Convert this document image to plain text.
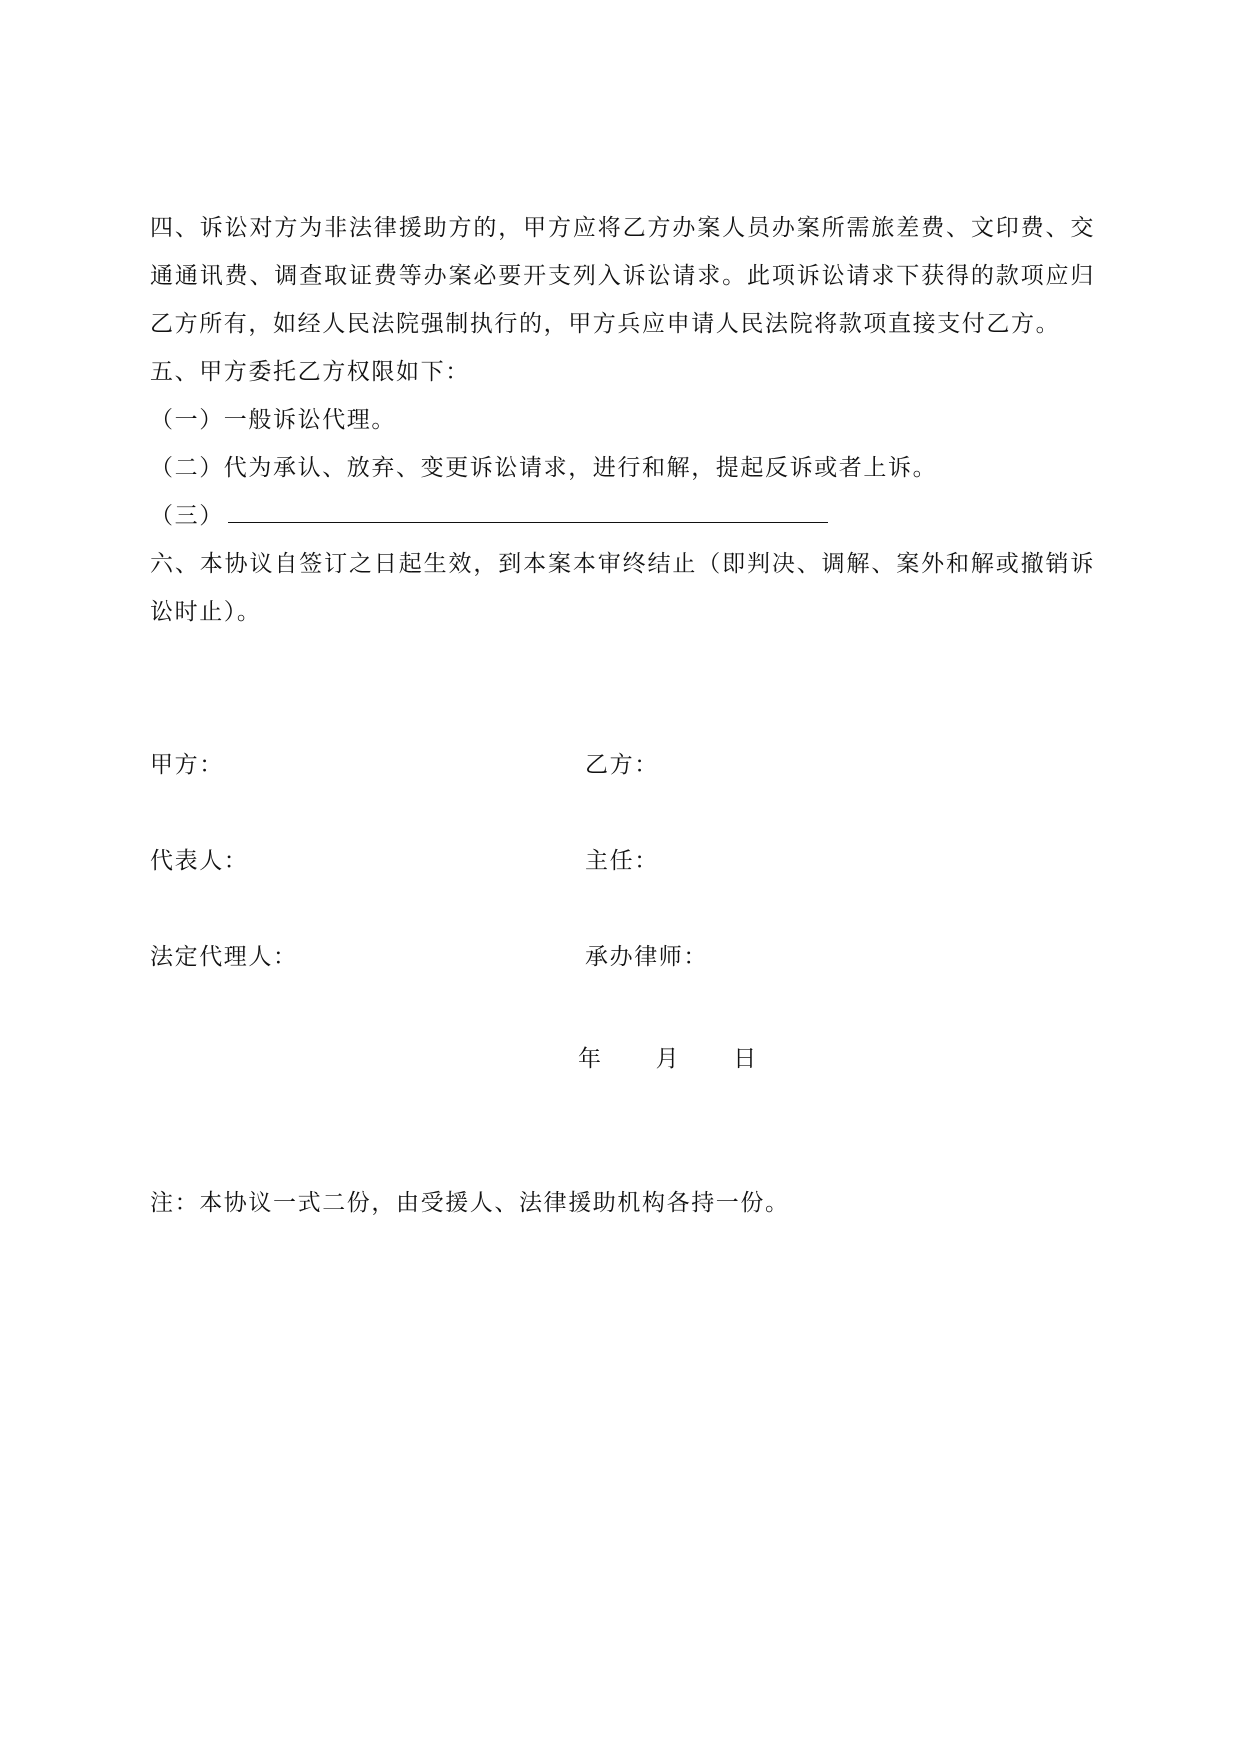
四、诉讼对方为非法律援助方的，甲方应将乙方办案人员办案所需旅差费、文印费、交通通讯费、调查取证费等办案必要开支列入诉讼请求。此项诉讼请求下获得的款项应归乙方所有，如经人民法院强制执行的，甲方兵应申请人民法院将款项直接支付乙方。

五、甲方委托乙方权限如下：

（一）一般诉讼代理。

（二）代为承认、放弃、变更诉讼请求，进行和解，提起反诉或者上诉。

（三）

六、本协议自签订之日起生效，到本案本审终结止（即判决、调解、案外和解或撤销诉讼时止）。

甲方：	乙方：
代表人：	主任：
法定代理人：	承办律师：
年 月 日
注：本协议一式二份，由受援人、法律援助机构各持一份。
